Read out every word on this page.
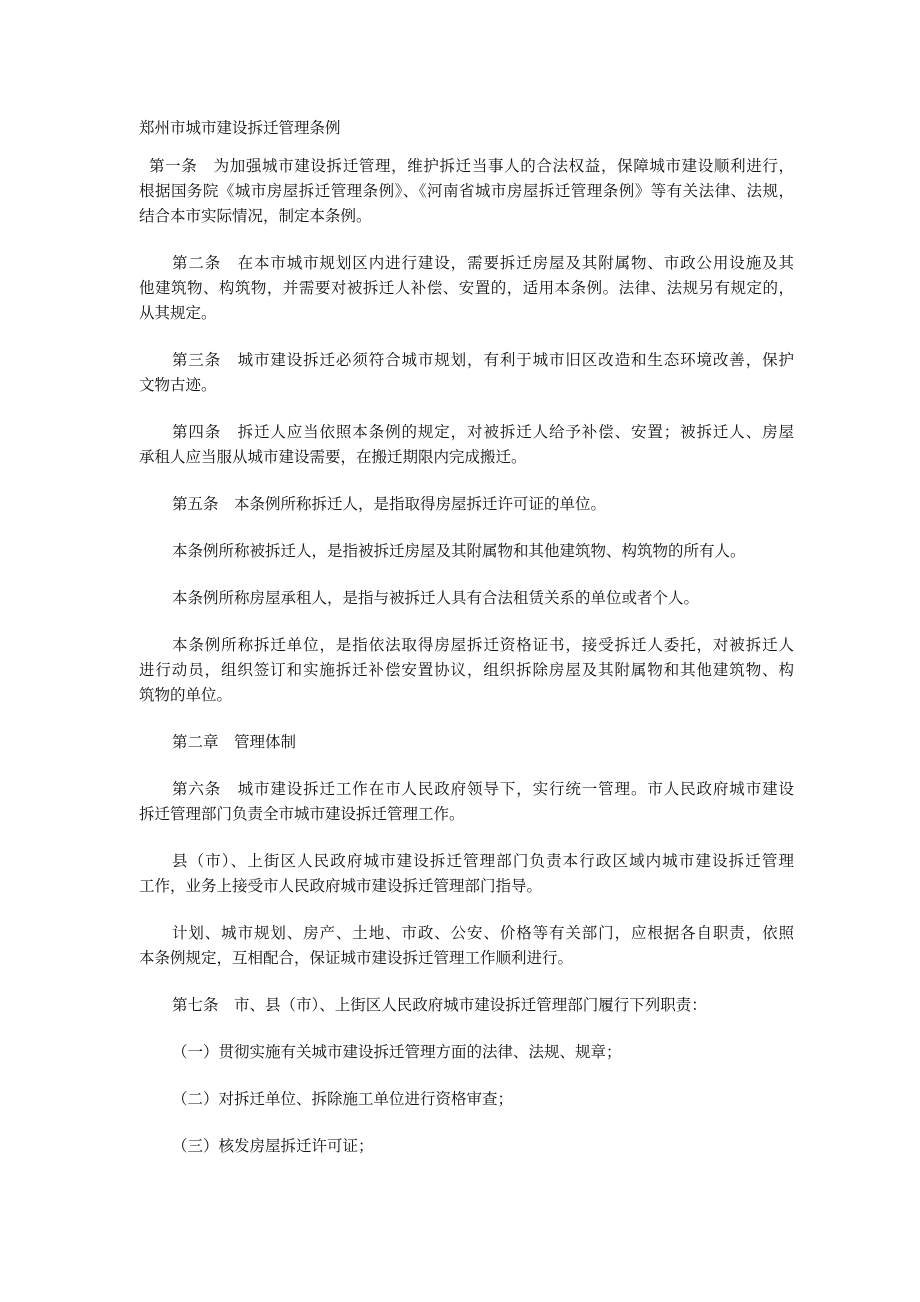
郑州市城市建设拆迁管理条例
第一条　为加强城市建设拆迁管理，维护拆迁当事人的合法权益，保障城市建设顺利进行，
根据国务院《城市房屋拆迁管理条例》、《河南省城市房屋拆迁管理条例》等有关法律、法规，
结合本市实际情况，制定本条例。
第二条　在本市城市规划区内进行建设，需要拆迁房屋及其附属物、市政公用设施及其
他建筑物、构筑物，并需要对被拆迁人补偿、安置的，适用本条例。法律、法规另有规定的，
从其规定。
第三条　城市建设拆迁必须符合城市规划，有利于城市旧区改造和生态环境改善，保护
文物古迹。
第四条　拆迁人应当依照本条例的规定，对被拆迁人给予补偿、安置；被拆迁人、房屋
承租人应当服从城市建设需要，在搬迁期限内完成搬迁。
第五条　本条例所称拆迁人，是指取得房屋拆迁许可证的单位。
本条例所称被拆迁人，是指被拆迁房屋及其附属物和其他建筑物、构筑物的所有人。
本条例所称房屋承租人，是指与被拆迁人具有合法租赁关系的单位或者个人。
本条例所称拆迁单位，是指依法取得房屋拆迁资格证书，接受拆迁人委托，对被拆迁人
进行动员，组织签订和实施拆迁补偿安置协议，组织拆除房屋及其附属物和其他建筑物、构
筑物的单位。
第二章　管理体制
第六条　城市建设拆迁工作在市人民政府领导下，实行统一管理。市人民政府城市建设
拆迁管理部门负责全市城市建设拆迁管理工作。
县（市）、上街区人民政府城市建设拆迁管理部门负责本行政区域内城市建设拆迁管理
工作，业务上接受市人民政府城市建设拆迁管理部门指导。
计划、城市规划、房产、土地、市政、公安、价格等有关部门，应根据各自职责，依照
本条例规定，互相配合，保证城市建设拆迁管理工作顺利进行。
第七条　市、县（市）、上街区人民政府城市建设拆迁管理部门履行下列职责：
（一）贯彻实施有关城市建设拆迁管理方面的法律、法规、规章；
（二）对拆迁单位、拆除施工单位进行资格审查；
（三）核发房屋拆迁许可证；
